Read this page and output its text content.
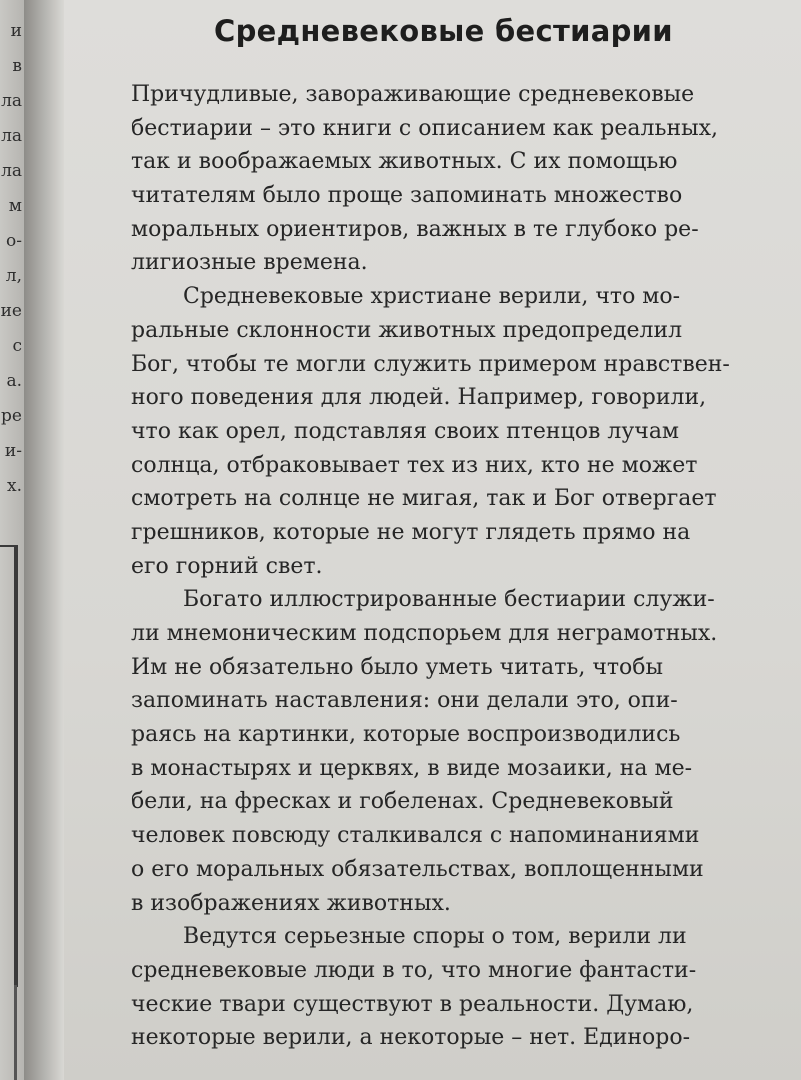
и
в
ла
ла
ла
м
о-
л,
ие
с
а.
ре
и-
х.
Средневековые бестиарии
Причудливые, завораживающие средневековые
бестиарии – это книги с описанием как реальных,
так и воображаемых животных. С их помощью
читателям было проще запоминать множество
моральных ориентиров, важных в те глубоко ре-
лигиозные времена.
Средневековые христиане верили, что мо-
ральные склонности животных предопределил
Бог, чтобы те могли служить примером нравствен-
ного поведения для людей. Например, говорили,
что как орел, подставляя своих птенцов лучам
солнца, отбраковывает тех из них, кто не может
смотреть на солнце не мигая, так и Бог отвергает
грешников, которые не могут глядеть прямо на
его горний свет.
Богато иллюстрированные бестиарии служи-
ли мнемоническим подспорьем для неграмотных.
Им не обязательно было уметь читать, чтобы
запоминать наставления: они делали это, опи-
раясь на картинки, которые воспроизводились
в монастырях и церквях, в виде мозаики, на ме-
бели, на фресках и гобеленах. Средневековый
человек повсюду сталкивался с напоминаниями
о его моральных обязательствах, воплощенными
в изображениях животных.
Ведутся серьезные споры о том, верили ли
средневековые люди в то, что многие фантасти-
ческие твари существуют в реальности. Думаю,
некоторые верили, а некоторые – нет. Единоро-
